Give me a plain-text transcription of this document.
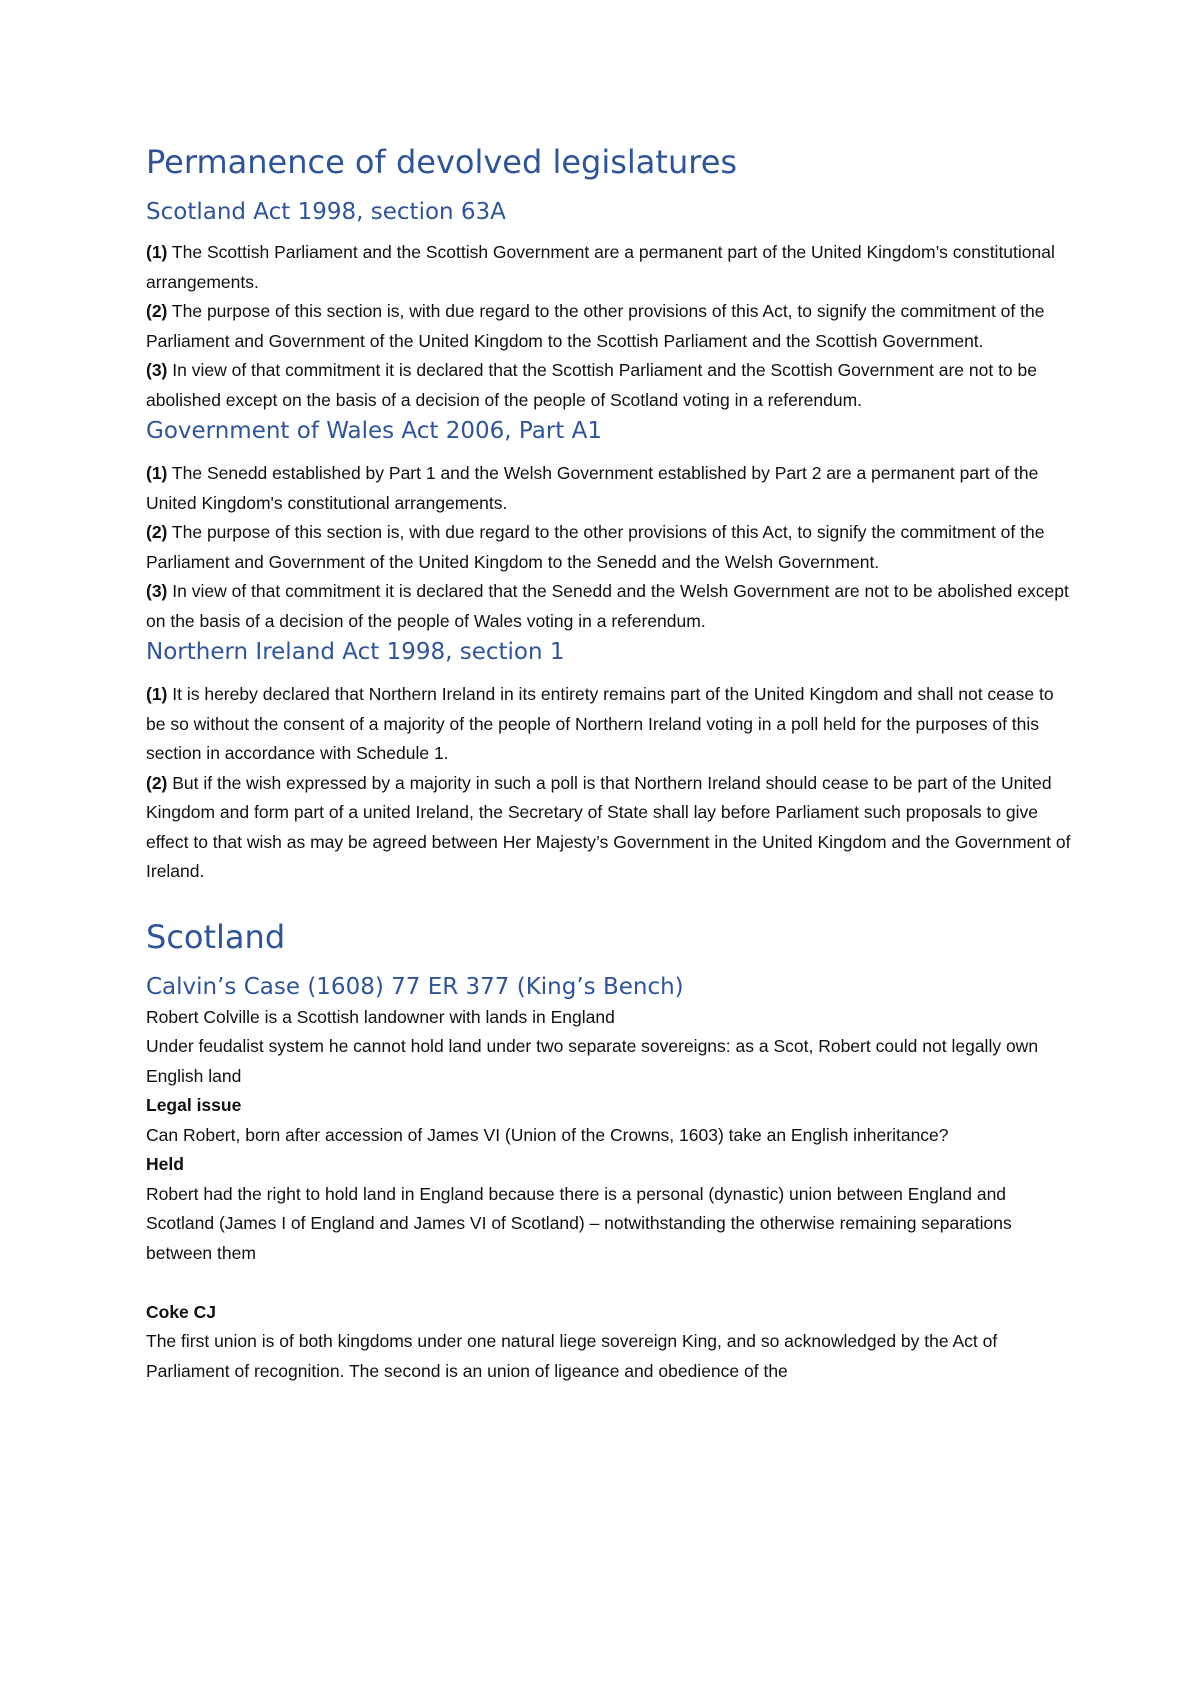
Permanence of devolved legislatures
Scotland Act 1998, section 63A

(1) The Scottish Parliament and the Scottish Government are a permanent part of the United Kingdom’s constitutional arrangements.

(2) The purpose of this section is, with due regard to the other provisions of this Act, to signify the commitment of the Parliament and Government of the United Kingdom to the Scottish Parliament and the Scottish Government.

(3) In view of that commitment it is declared that the Scottish Parliament and the Scottish Government are not to be abolished except on the basis of a decision of the people of Scotland voting in a referendum.

Government of Wales Act 2006, Part A1

(1) The Senedd established by Part 1 and the Welsh Government established by Part 2 are a permanent part of the United Kingdom's constitutional arrangements.

(2) The purpose of this section is, with due regard to the other provisions of this Act, to signify the commitment of the Parliament and Government of the United Kingdom to the Senedd and the Welsh Government.

(3) In view of that commitment it is declared that the Senedd and the Welsh Government are not to be abolished except on the basis of a decision of the people of Wales voting in a referendum.

Northern Ireland Act 1998, section 1

(1) It is hereby declared that Northern Ireland in its entirety remains part of the United Kingdom and shall not cease to be so without the consent of a majority of the people of Northern Ireland voting in a poll held for the purposes of this section in accordance with Schedule 1.

(2) But if the wish expressed by a majority in such a poll is that Northern Ireland should cease to be part of the United Kingdom and form part of a united Ireland, the Secretary of State shall lay before Parliament such proposals to give effect to that wish as may be agreed between Her Majesty’s Government in the United Kingdom and the Government of Ireland.

Scotland
Calvin’s Case (1608) 77 ER 377 (King’s Bench)

Robert Colville is a Scottish landowner with lands in England

Under feudalist system he cannot hold land under two separate sovereigns: as a Scot, Robert could not legally own English land

Legal issue

Can Robert, born after accession of James VI (Union of the Crowns, 1603) take an English inheritance?

Held

Robert had the right to hold land in England because there is a personal (dynastic) union between England and Scotland (James I of England and James VI of Scotland) – notwithstanding the otherwise remaining separations between them

Coke CJ

The first union is of both kingdoms under one natural liege sovereign King, and so acknowledged by the Act of Parliament of recognition. The second is an union of ligeance and obedience of the
